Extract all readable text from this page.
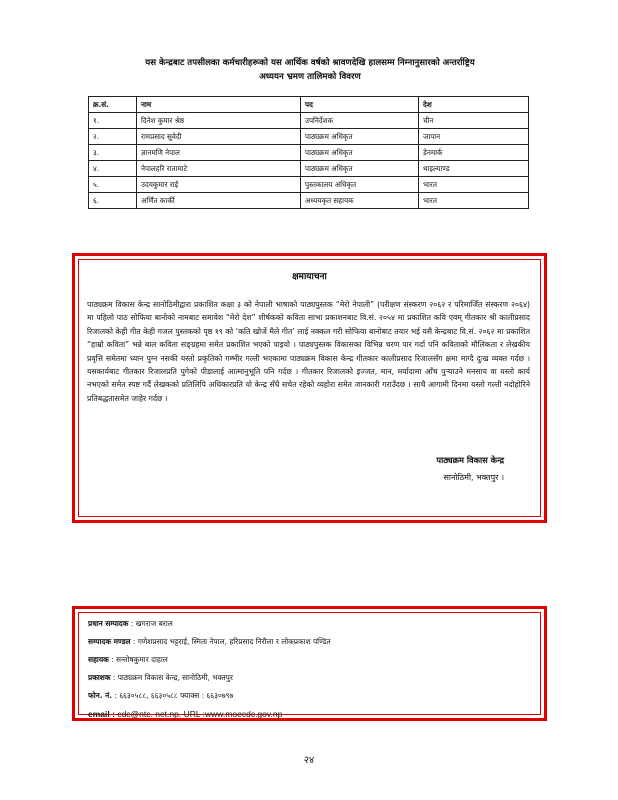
यस केन्द्रबाट तपसीलका कर्मचारीहरूको यस आर्थिक वर्षको श्रावणदेखि हालसम्म निम्नानुसारको अन्तर्राष्ट्रिय
अध्ययन भ्रमण तालिमको विवरण
क्र.सं.	नाम	पद	देश
१.	दिनेश कुमार श्रेष्ठ	उपनिर्देशक	चीन
२.	रामप्रसाद सुवेदी	पाठ्यक्रम अधिकृत	जापान
३.	ज्ञानमणि नेपाल	पाठ्यक्रम अधिकृत	डेनमार्क
४.	नेपालहरि रातामाटे	पाठ्यक्रम अधिकृत	थाइल्याण्ड
५.	उदयकुमार राई	पुस्तकालय अधिकृत	भारत
६.	अर्णित कार्की	अध्ययकृत सहायक	भारत
क्षमायाचना
पाठ्यक्रम विकास केन्द्र सानोठिमीद्वारा प्रकाशित कक्षा ३ को नेपाली भाषाको पाठ्यपुस्तक “मेरो नेपाली” (परीक्षण संस्करण २०६२ र परिमार्जित संस्करण २०६४) मा पहिलो पाठ सोफिया बानोको नामबाट समावेश “मेरो देश” शीर्षकको कविता साभा प्रकाशनबाट वि.सं. २०५४ मा प्रकाशित कवि एवम् गीतकार श्री कालीप्रसाद रिजालको केही गीत केही गजल पुस्तकको पृष्ठ १९ को ‘कति खोजें मैले गीत’ लाई नक्कल गरी सोफिया बानोबाट तयार भई यसै केन्द्रबाट वि.सं. २०६२ मा प्रकाशित “हाम्रो कविता” भन्ने बाल कविता सङ्ग्रहमा समेत प्रकाशित भएको पाइयो । पाठ्यपुस्तक विकासका विभिन्न चरण पार गर्दा पनि कविताको मौलिकता र लेखकीय प्रवृत्ति समेतमा ध्यान पुग्न नसकी यस्तो प्रकृतिको गम्भीर गल्ती भएकामा पाठ्यक्रम विकास केन्द्र गीतकार कालीप्रसाद रिजालसँग क्षमा माग्दै दुःख व्यक्त गर्दछ । यसकार्यबाट गीतकार रिजालप्रति पुगेको पीडालाई आत्मानुभूति पनि गर्दछ । गीतकार रिजालको इज्जत, मान, मर्यादामा आँच पुऱ्याउने मनसाय वा यस्तो कार्य नभएको समेत स्पष्ट गर्दै लेखकको प्रतिलिपि अधिकारप्रति यो केन्द्र सँधै सचेत रहेको व्यहोरा समेत जानकारी गराउँदछ । साथै आगामी दिनमा यस्तो गल्ती नदोहोरिने प्रतिबद्धतासमेत जाहेर गर्दछ ।
पाठ्यक्रम विकास केन्द्र
सानोठिमी, भक्तपुर ।
प्रधान सम्पादक : खगराज बराल
सम्पादक मण्डल : गणेशप्रसाद भट्टराई, स्मिता नेपाल, हरिप्रसाद निरौला र लोकप्रकाश पण्डित
सहायक : सन्तोषकुमार दाहाल
प्रकाशक : पाठ्यक्रम विकास केन्द्र, सानोठिमी, भक्तपुर
फोन. नं. : ६६३०५८८, ६६३०५८८ फ्याक्स : ६६३०७९७
email : cdc@ntc. net.np. URL :www.moecdc.gov.np
२४
